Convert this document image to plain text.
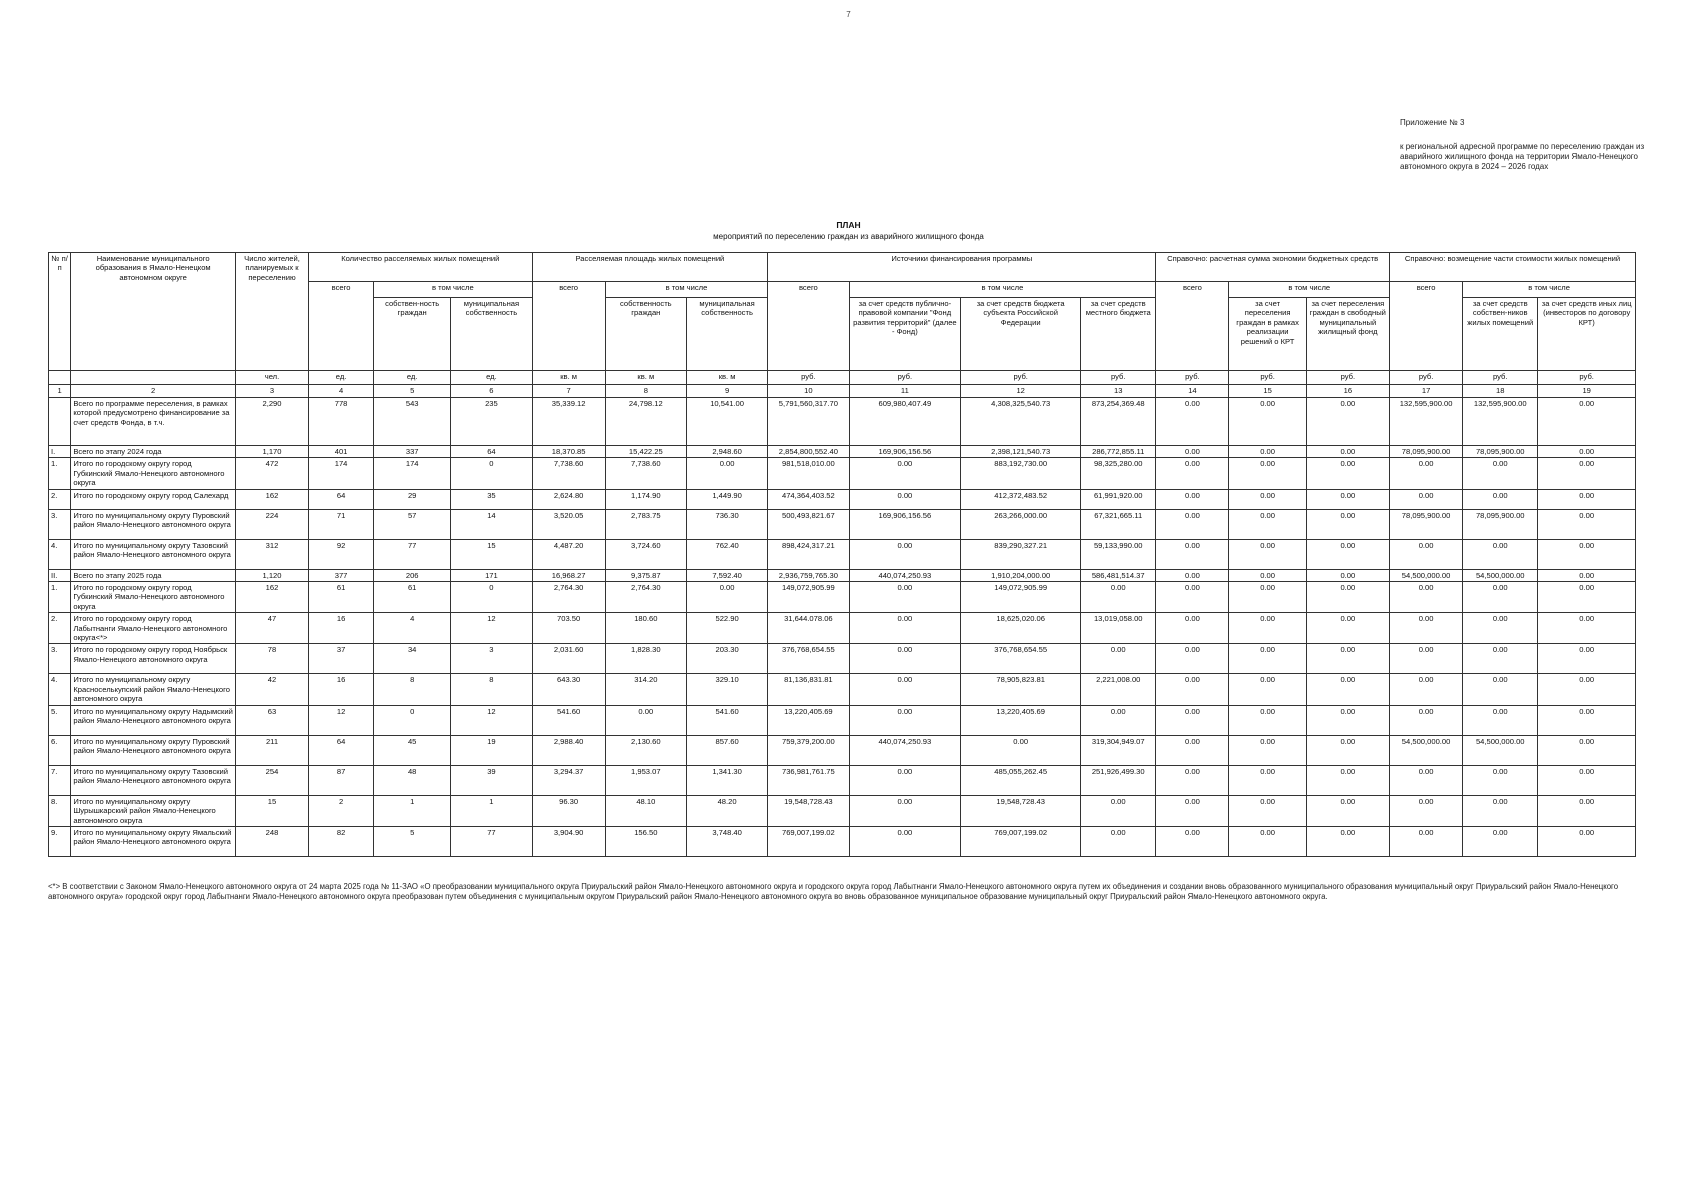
7
Приложение № 3
к региональной адресной программе по переселению граждан из аварийного жилищного фонда на территории Ямало-Ненецкого автономного округа в 2024 – 2026 годах
ПЛАН
мероприятий по переселению граждан из аварийного жилищного фонда
№ п/п	Наименование муниципального образования в Ямало-Ненецком автономном округе	Число жителей, планируемых к переселению	Количество расселяемых жилых помещений			Расселяемая площадь жилых помещений			Источники финансирования программы				Справочно: расчетная сумма экономии бюджетных средств			Справочно: возмещение части стоимости жилых помещений		
			всего	в том числе		всего	в том числе		всего	в том числе			всего	в том числе		всего	в том числе	
				собствен-ность граждан	муниципальная собственность		собственность граждан	муниципальная собственность		за счет средств публично-правовой компании "Фонд развития территорий" (далее - Фонд)	за счет средств бюджета субъекта Российской Федерации	за счет средств местного бюджета		за счет переселения граждан в рамках реализации решений о КРТ	за счет переселения граждан в свободный муниципальный жилищный фонд		за счет средств собствен-ников жилых помещений	за счет средств иных лиц (инвесторов по договору КРТ)
		чел.	ед.	ед.	ед.	кв. м	кв. м	кв. м	руб.	руб.	руб.	руб.	руб.	руб.	руб.	руб.	руб.	руб.
1	2	3	4	5	6	7	8	9	10	11	12	13	14	15	16	17	18	19
	Всего по программе переселения, в рамках которой предусмотрено финансирование за счет средств Фонда, в т.ч.	2,290	778	543	235	35,339.12	24,798.12	10,541.00	5,791,560,317.70	609,980,407.49	4,308,325,540.73	873,254,369.48	0.00	0.00	0.00	132,595,900.00	132,595,900.00	0.00
I.	Всего по этапу 2024 года	1,170	401	337	64	18,370.85	15,422.25	2,948.60	2,854,800,552.40	169,906,156.56	2,398,121,540.73	286,772,855.11	0.00	0.00	0.00	78,095,900.00	78,095,900.00	0.00
1.	Итого по городскому округу город Губкинский Ямало-Ненецкого автономного округа	472	174	174	0	7,738.60	7,738.60	0.00	981,518,010.00	0.00	883,192,730.00	98,325,280.00	0.00	0.00	0.00	0.00	0.00	0.00
2.	Итого по городскому округу город Салехард	162	64	29	35	2,624.80	1,174.90	1,449.90	474,364,403.52	0.00	412,372,483.52	61,991,920.00	0.00	0.00	0.00	0.00	0.00	0.00
3.	Итого по муниципальному округу Пуровский район Ямало-Ненецкого автономного округа	224	71	57	14	3,520.05	2,783.75	736.30	500,493,821.67	169,906,156.56	263,266,000.00	67,321,665.11	0.00	0.00	0.00	78,095,900.00	78,095,900.00	0.00
4.	Итого по муниципальному округу Тазовский район Ямало-Ненецкого автономного округа	312	92	77	15	4,487.20	3,724.60	762.40	898,424,317.21	0.00	839,290,327.21	59,133,990.00	0.00	0.00	0.00	0.00	0.00	0.00
II.	Всего по этапу 2025 года	1,120	377	206	171	16,968.27	9,375.87	7,592.40	2,936,759,765.30	440,074,250.93	1,910,204,000.00	586,481,514.37	0.00	0.00	0.00	54,500,000.00	54,500,000.00	0.00
1.	Итого по городскому округу город Губкинский Ямало-Ненецкого автономного округа	162	61	61	0	2,764.30	2,764.30	0.00	149,072,905.99	0.00	149,072,905.99	0.00	0.00	0.00	0.00	0.00	0.00	0.00
2.	Итого по городскому округу город Лабытнанги Ямало-Ненецкого автономного округа<*>	47	16	4	12	703.50	180.60	522.90	31,644.078.06	0.00	18,625,020.06	13,019,058.00	0.00	0.00	0.00	0.00	0.00	0.00
3.	Итого по городскому округу город Ноябрьск Ямало-Ненецкого автономного округа	78	37	34	3	2,031.60	1,828.30	203.30	376,768,654.55	0.00	376,768,654.55	0.00	0.00	0.00	0.00	0.00	0.00	0.00
4.	Итого по муниципальному округу Красноселькупский район Ямало-Ненецкого автономного округа	42	16	8	8	643.30	314.20	329.10	81,136,831.81	0.00	78,905,823.81	2,221,008.00	0.00	0.00	0.00	0.00	0.00	0.00
5.	Итого по муниципальному округу Надымский район Ямало-Ненецкого автономного округа	63	12	0	12	541.60	0.00	541.60	13,220,405.69	0.00	13,220,405.69	0.00	0.00	0.00	0.00	0.00	0.00	0.00
6.	Итого по муниципальному округу Пуровский район Ямало-Ненецкого автономного округа	211	64	45	19	2,988.40	2,130.60	857.60	759,379,200.00	440,074,250.93	0.00	319,304,949.07	0.00	0.00	0.00	54,500,000.00	54,500,000.00	0.00
7.	Итого по муниципальному округу Тазовский район Ямало-Ненецкого автономного округа	254	87	48	39	3,294.37	1,953.07	1,341.30	736,981,761.75	0.00	485,055,262.45	251,926,499.30	0.00	0.00	0.00	0.00	0.00	0.00
8.	Итого по муниципальному округу Шурышкарский район Ямало-Ненецкого автономного округа	15	2	1	1	96.30	48.10	48.20	19,548,728.43	0.00	19,548,728.43	0.00	0.00	0.00	0.00	0.00	0.00	0.00
9.	Итого по муниципальному округу Ямальский район Ямало-Ненецкого автономного округа	248	82	5	77	3,904.90	156.50	3,748.40	769,007,199.02	0.00	769,007,199.02	0.00	0.00	0.00	0.00	0.00	0.00	0.00
<*> В соответствии с Законом Ямало-Ненецкого автономного округа от 24 марта 2025 года № 11-ЗАО «О преобразовании муниципального округа Приуральский район Ямало-Ненецкого автономного округа и городского округа город Лабытнанги Ямало-Ненецкого автономного округа путем их объединения и создании вновь образованного муниципального образования муниципальный округ Приуральский район Ямало-Ненецкого автономного округа» городской округ город Лабытнанги Ямало-Ненецкого автономного округа преобразован путем объединения с муниципальным округом Приуральский район Ямало-Ненецкого автономного округа во вновь образованное муниципальное образование муниципальный округ Приуральский район Ямало-Ненецкого автономного округа.
